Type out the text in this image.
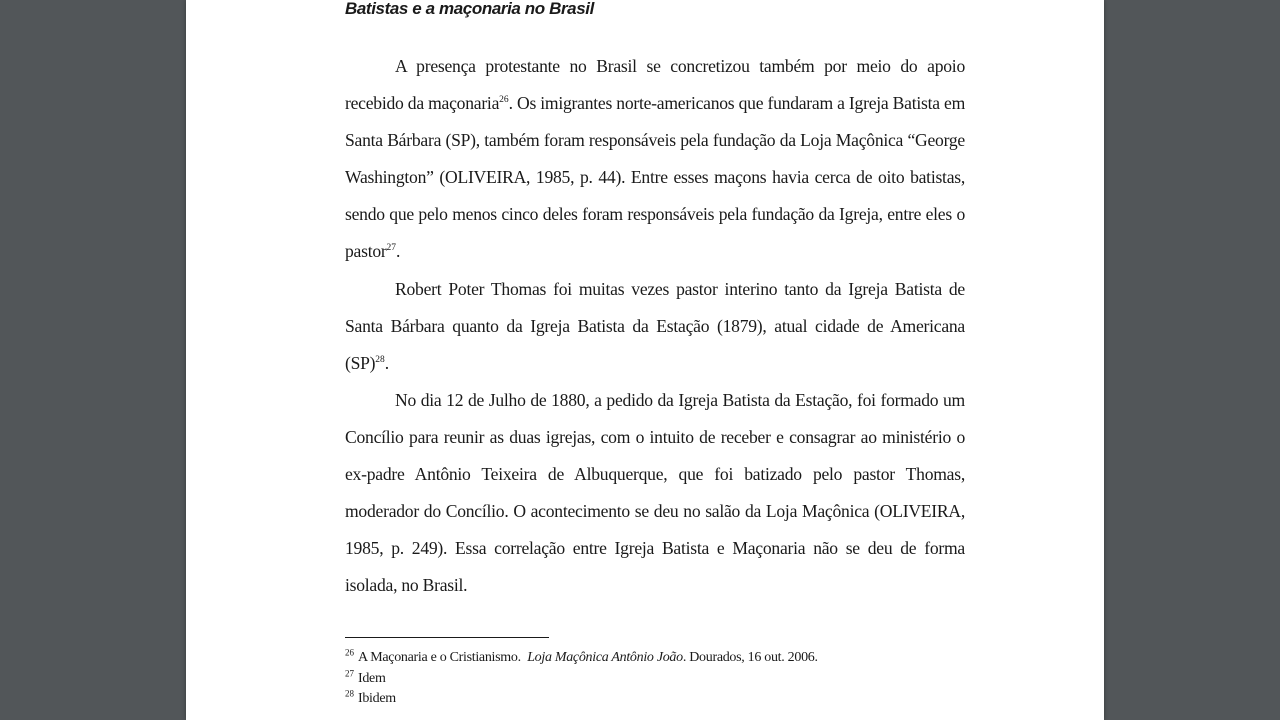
Batistas e a maçonaria no Brasil

A presença protestante no Brasil se concretizou também por meio do apoio recebido da maçonaria$^{26}$. Os imigrantes norte-americanos que fundaram a Igreja Batista em Santa Bárbara (SP), também foram responsáveis pela fundação da Loja Maçônica “George Washington” (OLIVEIRA, 1985, p. 44). Entre esses maçons havia cerca de oito batistas, sendo que pelo menos cinco deles foram responsáveis pela fundação da Igreja, entre eles o pastor$^{27}$.

Robert Poter Thomas foi muitas vezes pastor interino tanto da Igreja Batista de Santa Bárbara quanto da Igreja Batista da Estação (1879), atual cidade de Americana (SP)$^{28}$.

No dia 12 de Julho de 1880, a pedido da Igreja Batista da Estação, foi formado um Concílio para reunir as duas igrejas, com o intuito de receber e consagrar ao ministério o ex-padre Antônio Teixeira de Albuquerque, que foi batizado pelo pastor Thomas, moderador do Concílio. O acontecimento se deu no salão da Loja Maçônica (OLIVEIRA, 1985, p. 249). Essa correlação entre Igreja Batista e Maçonaria não se deu de forma isolada, no Brasil.

$^{26}$ A Maçonaria e o Cristianismo. Loja Maçônica Antônio João. Dourados, 16 out. 2006.
$^{27}$ Idem
$^{28}$ Ibidem
